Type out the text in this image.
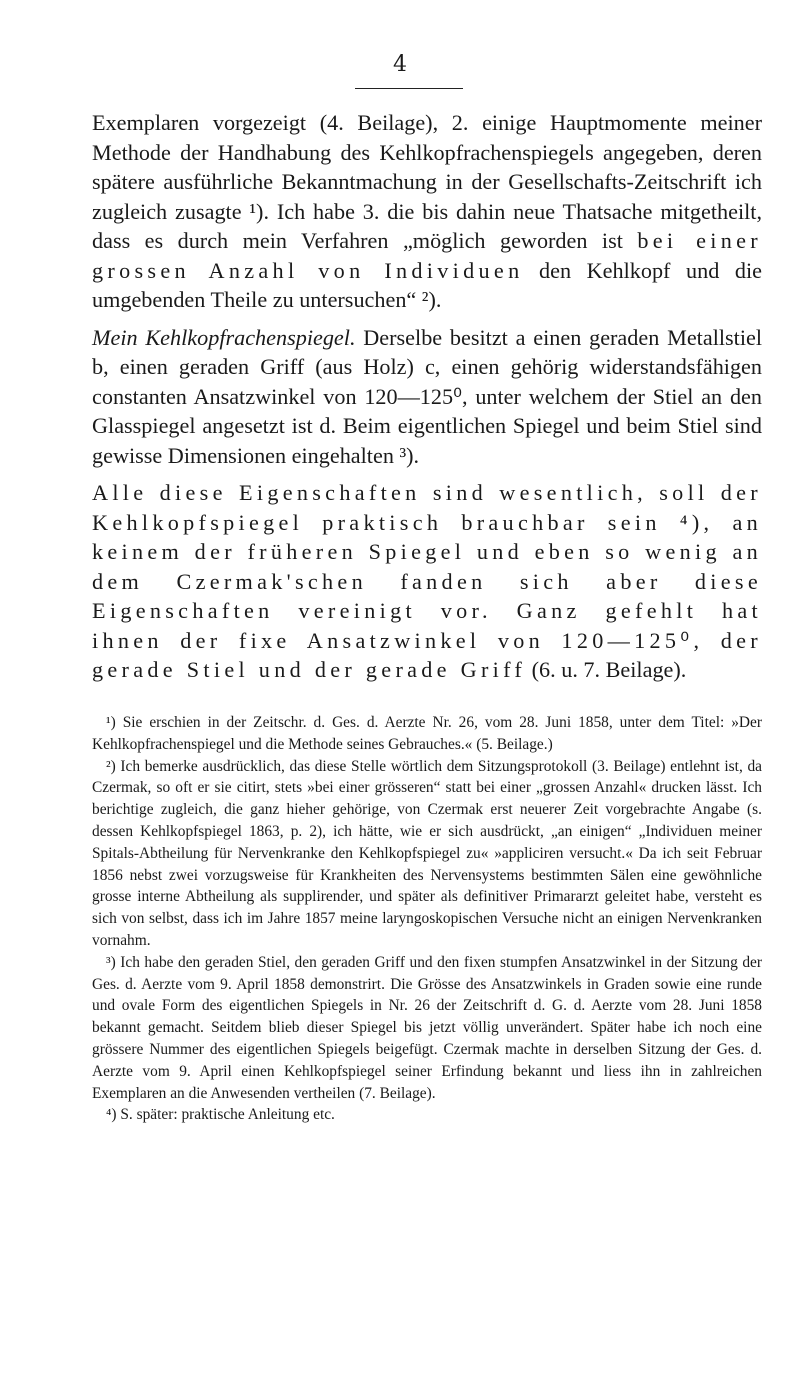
4

Exemplaren vorgezeigt (4. Beilage), 2. einige Hauptmomente meiner Methode der Handhabung des Kehlkopfrachenspiegels angegeben, deren spätere ausführliche Bekanntmachung in der Gesellschafts-Zeitschrift ich zugleich zusagte ¹). Ich habe 3. die bis dahin neue Thatsache mitgetheilt, dass es durch mein Verfahren „möglich geworden ist bei einer grossen Anzahl von Individuen den Kehlkopf und die umgebenden Theile zu untersuchen“ ²).

Mein Kehlkopfrachenspiegel. Derselbe besitzt a einen geraden Metallstiel b, einen geraden Griff (aus Holz) c, einen gehörig widerstandsfähigen constanten Ansatzwinkel von 120—125⁰, unter welchem der Stiel an den Glasspiegel angesetzt ist d. Beim eigentlichen Spiegel und beim Stiel sind gewisse Dimensionen eingehalten ³).

Alle diese Eigenschaften sind wesentlich, soll der Kehlkopfspiegel praktisch brauchbar sein ⁴), an keinem der früheren Spiegel und eben so wenig an dem Czermak'schen fanden sich aber diese Eigenschaften vereinigt vor. Ganz gefehlt hat ihnen der fixe Ansatzwinkel von 120—125⁰, der gerade Stiel und der gerade Griff (6. u. 7. Beilage).

¹) Sie erschien in der Zeitschr. d. Ges. d. Aerzte Nr. 26, vom 28. Juni 1858, unter dem Titel: »Der Kehlkopfrachenspiegel und die Methode seines Gebrauches.« (5. Beilage.)

²) Ich bemerke ausdrücklich, das diese Stelle wörtlich dem Sitzungsprotokoll (3. Beilage) entlehnt ist, da Czermak, so oft er sie citirt, stets »bei einer grösseren“ statt bei einer „grossen Anzahl« drucken lässt. Ich berichtige zugleich, die ganz hieher gehörige, von Czermak erst neuerer Zeit vorgebrachte Angabe (s. dessen Kehlkopfspiegel 1863, p. 2), ich hätte, wie er sich ausdrückt, „an einigen“ „Individuen meiner Spitals-Abtheilung für Nervenkranke den Kehlkopfspiegel zu« »appliciren versucht.« Da ich seit Februar 1856 nebst zwei vorzugsweise für Krankheiten des Nervensystems bestimmten Sälen eine gewöhnliche grosse interne Abtheilung als supplirender, und später als definitiver Primararzt geleitet habe, versteht es sich von selbst, dass ich im Jahre 1857 meine laryngoskopischen Versuche nicht an einigen Nervenkranken vornahm.

³) Ich habe den geraden Stiel, den geraden Griff und den fixen stumpfen Ansatzwinkel in der Sitzung der Ges. d. Aerzte vom 9. April 1858 demonstrirt. Die Grösse des Ansatzwinkels in Graden sowie eine runde und ovale Form des eigentlichen Spiegels in Nr. 26 der Zeitschrift d. G. d. Aerzte vom 28. Juni 1858 bekannt gemacht. Seitdem blieb dieser Spiegel bis jetzt völlig unverändert. Später habe ich noch eine grössere Nummer des eigentlichen Spiegels beigefügt. Czermak machte in derselben Sitzung der Ges. d. Aerzte vom 9. April einen Kehlkopfspiegel seiner Erfindung bekannt und liess ihn in zahlreichen Exemplaren an die Anwesenden vertheilen (7. Beilage).

⁴) S. später: praktische Anleitung etc.
